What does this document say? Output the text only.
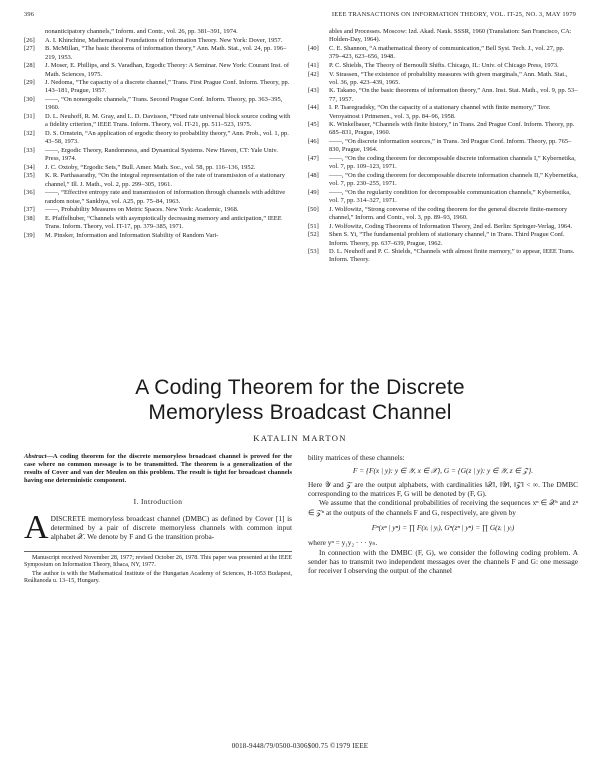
396	IEEE TRANSACTIONS ON INFORMATION THEORY, VOL. IT-25, NO. 3, MAY 1979
nonanticipatory channels,” Inform. and Contr., vol. 26, pp. 381–391, 1974.
[26] A. I. Khinchine, Mathematical Foundations of Information Theory. New York: Dover, 1957.
[27] B. McMillan, “The basic theorems of information theory,” Ann. Math. Stat., vol. 24, pp. 196–219, 1953.
[28] J. Moser, E. Phillips, and S. Varadhan, Ergodic Theory: A Seminar. New York: Courant Inst. of Math. Sciences, 1975.
[29] J. Nedoma, “The capacity of a discrete channel,” Trans. First Prague Conf. Inform. Theory, pp. 143–181, Prague, 1957.
[30] ——, “On nonergodic channels,” Trans. Second Prague Conf. Inform. Theory, pp. 363–395, 1960.
[31] D. L. Neuhoff, R. M. Gray, and L. D. Davisson, “Fixed rate universal block source coding with a fidelity criterion,” IEEE Trans. Inform. Theory, vol. IT-21, pp. 511–523, 1975.
[32] D. S. Ornstein, “An application of ergodic theory to probability theory,” Ann. Prob., vol. 1, pp. 43–58, 1973.
[33] ——, Ergodic Theory, Randomness, and Dynamical Systems. New Haven, CT: Yale Univ. Press, 1974.
[34] J. C. Oxtoby, “Ergodic Sets,” Bull. Amer. Math. Soc., vol. 58, pp. 116–136, 1952.
[35] K. R. Parthasarathy, “On the integral representation of the rate of transmission of a stationary channel,” Ill. J. Math., vol. 2, pp. 299–305, 1961.
[36] ——, “Effective entropy rate and transmission of information through channels with additive random noise,” Sankhya, vol. A25, pp. 75–84, 1963.
[37] ——, Probability Measures on Metric Spaces. New York: Academic, 1968.
[38] E. Pfaffelhuber, “Channels with asymptotically decreasing memory and anticipation,” IEEE Trans. Inform. Theory, vol. IT-17, pp. 379–385, 1971.
[39] M. Pinsker, Information and Information Stability of Random Vari-
ables and Processes. Moscow: Izd. Akad. Nauk. SSSR, 1960 (Translation: San Francisco, CA: Holden-Day, 1964).
[40] C. E. Shannon, “A mathematical theory of communication,” Bell Syst. Tech. J., vol. 27, pp. 379–423, 623–656, 1948.
[41] P. C. Shields, The Theory of Bernoulli Shifts. Chicago, IL: Univ. of Chicago Press, 1973.
[42] V. Strassen, “The existence of probability measures with given marginals,” Ann. Math. Stat., vol. 36, pp. 423–439, 1965.
[43] K. Takano, “On the basic theorems of information theory,” Ann. Inst. Stat. Math., vol. 9, pp. 53–77, 1957.
[44] I. P. Tsaregradsky, “On the capacity of a stationary channel with finite memory,” Teor. Veroyatnost i Primenen., vol. 3, pp. 84–96, 1958.
[45] K. Winkelbauer, “Channels with finite history,” in Trans. 2nd Prague Conf. Inform. Theory, pp. 685–831, Prague, 1960.
[46] ——, “On discrete information sources,” in Trans. 3rd Prague Conf. Inform. Theory, pp. 765–830, Prague, 1964.
[47] ——, “On the coding theorem for decomposable discrete information channels I,” Kybernetika, vol. 7, pp. 109–123, 1971.
[48] ——, “On the coding theorem for decomposable discrete information channels II,” Kybernetika, vol. 7, pp. 230–255, 1971.
[49] ——, “On the regularity condition for decomposable communication channels,” Kybernetika, vol. 7, pp. 314–327, 1971.
[50] J. Wolfowitz, “Strong converse of the coding theorem for the general discrete finite-memory channel,” Inform. and Contr., vol. 3, pp. 89–93, 1960.
[51] J. Wolfowitz, Coding Theorems of Information Theory, 2nd ed. Berlin: Springer-Verlag, 1964.
[52] Shen S. Yi, “The fundamental problem of stationary channel,” in Trans. Third Prague Conf. Inform. Theory, pp. 637–639, Prague, 1962.
[53] D. L. Neuhoff and P. C. Shields, “Channels with almost finite memory,” to appear, IEEE Trans. Inform. Theory.
A Coding Theorem for the Discrete
Memoryless Broadcast Channel
KATALIN MARTON
Abstract—A coding theorem for the discrete memoryless broadcast channel is proved for the case where no common message is to be transmitted. The theorem is a generalization of the results of Cover and van der Meulen on this problem. The result is tight for broadcast channels having one deterministic component.
I. Introduction
ADISCRETE memoryless broadcast channel (DMBC) as defined by Cover [1] is determined by a pair of discrete memoryless channels with common input alphabet 𝒳. We denote by F and G the transition proba-

Manuscript received November 28, 1977; revised October 26, 1978. This paper was presented at the IEEE Symposium on Information Theory, Ithaca, NY, 1977.

The author is with the Mathematical Institute of the Hungarian Academy of Sciences, H-1053 Budapest, Reáltanoda u. 13–15, Hungary.

bility matrices of these channels:

F = {F(x | y): y ∈ 𝒴, x ∈ 𝒳}, G = {G(z | y): y ∈ 𝒴, z ∈ 𝒵}.

Here 𝒴 and 𝒵 are the output alphabets, with cardinalities ‖𝒳‖, ‖𝒴‖, ‖𝒵‖ < ∞. The DMBC corresponding to the matrices F, G will be denoted by (F, G).

We assume that the conditional probabilities of receiving the sequences xⁿ ∈ 𝒳ⁿ and zⁿ ∈ 𝒵ⁿ at the outputs of the channels F and G, respectively, are given by

Fⁿ(xⁿ | yⁿ) = ∏ F(xᵢ | yᵢ), Gⁿ(zⁿ | yⁿ) = ∏ G(zᵢ | yᵢ)

where yⁿ = y₁y₂ · · · yₙ.

In connection with the DMBC (F, G), we consider the following coding problem. A sender has to transmit two independent messages over the channels F and G: one message for receiver I observing the output of the channel

0018-9448/79/0500-0306$00.75 ©1979 IEEE
